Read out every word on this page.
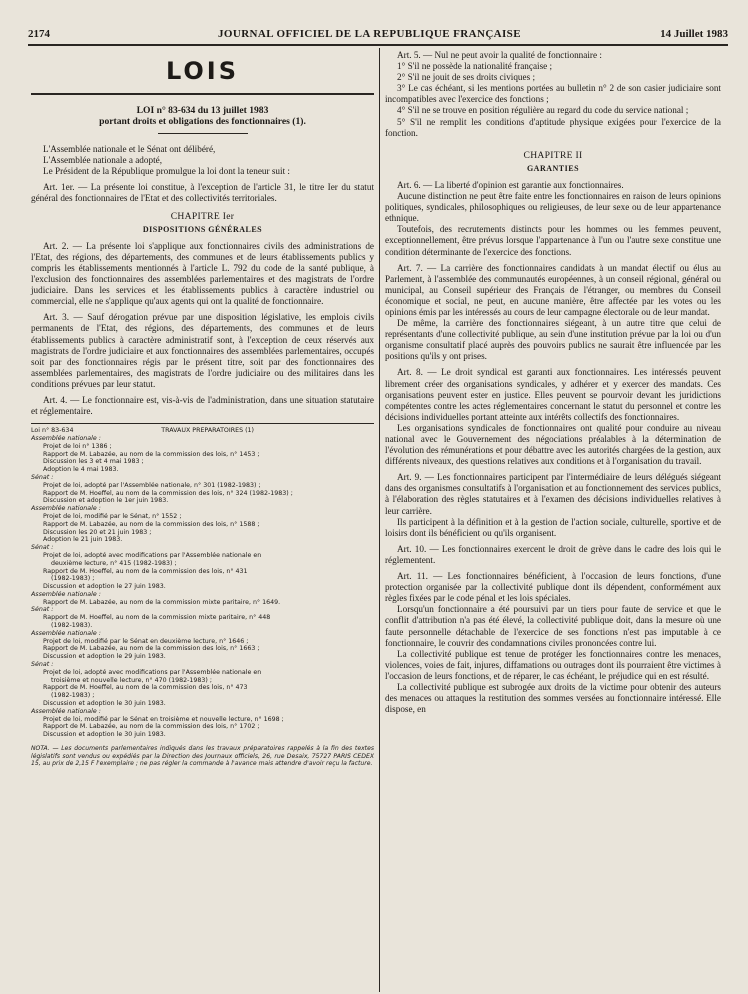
2174	JOURNAL OFFICIEL DE LA REPUBLIQUE FRANÇAISE	14 Juillet 1983
LOIS
LOI n° 83-634 du 13 juillet 1983
portant droits et obligations des fonctionnaires (1).

L'Assemblée nationale et le Sénat ont délibéré,

L'Assemblée nationale a adopté,

Le Président de la République promulgue la loi dont la teneur suit :

Art. 1er. — La présente loi constitue, à l'exception de l'article 31, le titre Ier du statut général des fonctionnaires de l'Etat et des collectivités territoriales.

CHAPITRE Ier
DISPOSITIONS GÉNÉRALES

Art. 2. — La présente loi s'applique aux fonctionnaires civils des administrations de l'Etat, des régions, des départements, des communes et de leurs établissements publics y compris les établissements mentionnés à l'article L. 792 du code de la santé publique, à l'exclusion des fonctionnaires des assemblées parlementaires et des magistrats de l'ordre judiciaire. Dans les services et les établissements publics à caractère industriel ou commercial, elle ne s'applique qu'aux agents qui ont la qualité de fonctionnaire.

Art. 3. — Sauf dérogation prévue par une disposition législative, les emplois civils permanents de l'Etat, des régions, des départements, des communes et de leurs établissements publics à caractère administratif sont, à l'exception de ceux réservés aux magistrats de l'ordre judiciaire et aux fonctionnaires des assemblées parlementaires, occupés soit par des fonctionnaires régis par le présent titre, soit par des fonctionnaires des assemblées parlementaires, des magistrats de l'ordre judiciaire ou des militaires dans les conditions prévues par leur statut.

Art. 4. — Le fonctionnaire est, vis-à-vis de l'administration, dans une situation statutaire et réglementaire.

Loi n° 83-634	TRAVAUX PRÉPARATOIRES (1)
Assemblée nationale :
Projet de loi n° 1386 ;
Rapport de M. Labazée, au nom de la commission des lois, n° 1453 ;
Discussion les 3 et 4 mai 1983 ;
Adoption le 4 mai 1983.
Sénat :
Projet de loi, adopté par l'Assemblée nationale, n° 301 (1982-1983) ;
Rapport de M. Hoeffel, au nom de la commission des lois, n° 324 (1982-1983) ;
Discussion et adoption le 1er juin 1983.
Assemblée nationale :
Projet de loi, modifié par le Sénat, n° 1552 ;
Rapport de M. Labazée, au nom de la commission des lois, n° 1588 ;
Discussion les 20 et 21 juin 1983 ;
Adoption le 21 juin 1983.
Sénat :
Projet de loi, adopté avec modifications par l'Assemblée nationale en
deuxième lecture, n° 415 (1982-1983) ;
Rapport de M. Hoeffel, au nom de la commission des lois, n° 431
(1982-1983) ;
Discussion et adoption le 27 juin 1983.
Assemblée nationale :
Rapport de M. Labazée, au nom de la commission mixte paritaire, n° 1649.
Sénat :
Rapport de M. Hoeffel, au nom de la commission mixte paritaire, n° 448
(1982-1983).
Assemblée nationale :
Projet de loi, modifié par le Sénat en deuxième lecture, n° 1646 ;
Rapport de M. Labazée, au nom de la commission des lois, n° 1663 ;
Discussion et adoption le 29 juin 1983.
Sénat :
Projet de loi, adopté avec modifications par l'Assemblée nationale en
troisième et nouvelle lecture, n° 470 (1982-1983) ;
Rapport de M. Hoeffel, au nom de la commission des lois, n° 473
(1982-1983) ;
Discussion et adoption le 30 juin 1983.
Assemblée nationale :
Projet de loi, modifié par le Sénat en troisième et nouvelle lecture, n° 1698 ;
Rapport de M. Labazée, au nom de la commission des lois, n° 1702 ;
Discussion et adoption le 30 juin 1983.
NOTA. — Les documents parlementaires indiqués dans les travaux préparatoires rappelés à la fin des textes législatifs sont vendus ou expédiés par la Direction des Journaux officiels, 26, rue Desaix, 75727 PARIS CEDEX 15, au prix de 2,15 F l'exemplaire ; ne pas régler la commande à l'avance mais attendre d'avoir reçu la facture.

Art. 5. — Nul ne peut avoir la qualité de fonctionnaire :

1° S'il ne possède la nationalité française ;

2° S'il ne jouit de ses droits civiques ;

3° Le cas échéant, si les mentions portées au bulletin n° 2 de son casier judiciaire sont incompatibles avec l'exercice des fonctions ;

4° S'il ne se trouve en position régulière au regard du code du service national ;

5° S'il ne remplit les conditions d'aptitude physique exigées pour l'exercice de la fonction.

CHAPITRE II
GARANTIES

Art. 6. — La liberté d'opinion est garantie aux fonctionnaires.

Aucune distinction ne peut être faite entre les fonctionnaires en raison de leurs opinions politiques, syndicales, philosophiques ou religieuses, de leur sexe ou de leur appartenance ethnique.

Toutefois, des recrutements distincts pour les hommes ou les femmes peuvent, exceptionnellement, être prévus lorsque l'appartenance à l'un ou l'autre sexe constitue une condition déterminante de l'exercice des fonctions.

Art. 7. — La carrière des fonctionnaires candidats à un mandat électif ou élus au Parlement, à l'assemblée des communautés européennes, à un conseil régional, général ou municipal, au Conseil supérieur des Français de l'étranger, ou membres du Conseil économique et social, ne peut, en aucune manière, être affectée par les votes ou les opinions émis par les intéressés au cours de leur campagne électorale ou de leur mandat.

De même, la carrière des fonctionnaires siégeant, à un autre titre que celui de représentants d'une collectivité publique, au sein d'une institution prévue par la loi ou d'un organisme consultatif placé auprès des pouvoirs publics ne saurait être influencée par les positions qu'ils y ont prises.

Art. 8. — Le droit syndical est garanti aux fonctionnaires. Les intéressés peuvent librement créer des organisations syndicales, y adhérer et y exercer des mandats. Ces organisations peuvent ester en justice. Elles peuvent se pourvoir devant les juridictions compétentes contre les actes réglementaires concernant le statut du personnel et contre les décisions individuelles portant atteinte aux intérêts collectifs des fonctionnaires.

Les organisations syndicales de fonctionnaires ont qualité pour conduire au niveau national avec le Gouvernement des négociations préalables à la détermination de l'évolution des rémunérations et pour débattre avec les autorités chargées de la gestion, aux différents niveaux, des questions relatives aux conditions et à l'organisation du travail.

Art. 9. — Les fonctionnaires participent par l'intermédiaire de leurs délégués siégeant dans des organismes consultatifs à l'organisation et au fonctionnement des services publics, à l'élaboration des règles statutaires et à l'examen des décisions individuelles relatives à leur carrière.

Ils participent à la définition et à la gestion de l'action sociale, culturelle, sportive et de loisirs dont ils bénéficient ou qu'ils organisent.

Art. 10. — Les fonctionnaires exercent le droit de grève dans le cadre des lois qui le réglementent.

Art. 11. — Les fonctionnaires bénéficient, à l'occasion de leurs fonctions, d'une protection organisée par la collectivité publique dont ils dépendent, conformément aux règles fixées par le code pénal et les lois spéciales.

Lorsqu'un fonctionnaire a été poursuivi par un tiers pour faute de service et que le conflit d'attribution n'a pas été élevé, la collectivité publique doit, dans la mesure où une faute personnelle détachable de l'exercice de ses fonctions n'est pas imputable à ce fonctionnaire, le couvrir des condamnations civiles prononcées contre lui.

La collectivité publique est tenue de protéger les fonctionnaires contre les menaces, violences, voies de fait, injures, diffamations ou outrages dont ils pourraient être victimes à l'occasion de leurs fonctions, et de réparer, le cas échéant, le préjudice qui en est résulté.

La collectivité publique est subrogée aux droits de la victime pour obtenir des auteurs des menaces ou attaques la restitution des sommes versées au fonctionnaire intéressé. Elle dispose, en
